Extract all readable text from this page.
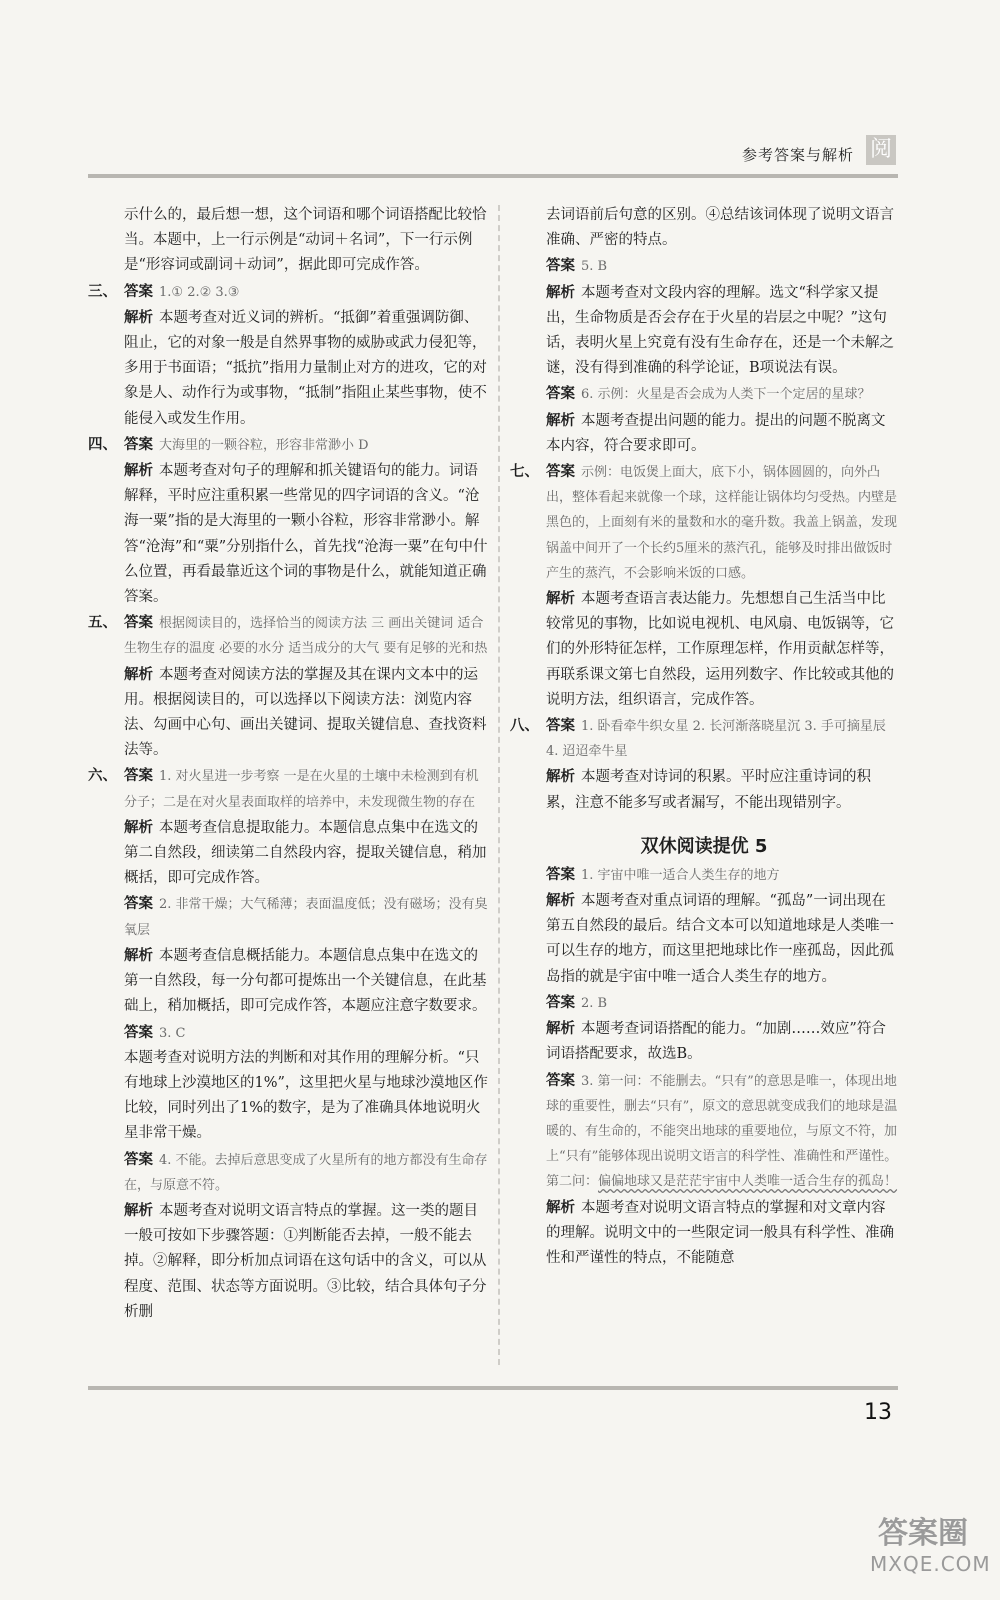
参考答案与解析 阅

示什么的，最后想一想，这个词语和哪个词语搭配比较恰当。本题中，上一行示例是“动词＋名词”，下一行示例是“形容词或副词＋动词”，据此即可完成作答。

三、 答案 1.① 2.② 3.③
解析 本题考查对近义词的辨析。“抵御”着重强调防御、阻止，它的对象一般是自然界事物的威胁或武力侵犯等，多用于书面语；“抵抗”指用力量制止对方的进攻，它的对象是人、动作行为或事物，“抵制”指阻止某些事物，使不能侵入或发生作用。
四、 答案 大海里的一颗谷粒，形容非常渺小 D
解析 本题考查对句子的理解和抓关键语句的能力。词语解释，平时应注重积累一些常见的四字词语的含义。“沧海一粟”指的是大海里的一颗小谷粒，形容非常渺小。解答“沧海”和“粟”分别指什么，首先找“沧海一粟”在句中什么位置，再看最靠近这个词的事物是什么，就能知道正确答案。
五、 答案 根据阅读目的，选择恰当的阅读方法 三 画出关键词 适合生物生存的温度 必要的水分 适当成分的大气 要有足够的光和热
解析 本题考查对阅读方法的掌握及其在课内文本中的运用。根据阅读目的，可以选择以下阅读方法：浏览内容法、勾画中心句、画出关键词、提取关键信息、查找资料法等。
六、 答案 1. 对火星进一步考察 一是在火星的土壤中未检测到有机分子；二是在对火星表面取样的培养中，未发现微生物的存在
解析 本题考查信息提取能力。本题信息点集中在选文的第二自然段，细读第二自然段内容，提取关键信息，稍加概括，即可完成作答。
答案 2. 非常干燥；大气稀薄；表面温度低；没有磁场；没有臭氧层
解析 本题考查信息概括能力。本题信息点集中在选文的第一自然段，每一分句都可提炼出一个关键信息，在此基础上，稍加概括，即可完成作答，本题应注意字数要求。
答案 3. C
本题考查对说明方法的判断和对其作用的理解分析。“只有地球上沙漠地区的1%”，这里把火星与地球沙漠地区作比较，同时列出了1%的数字，是为了准确具体地说明火星非常干燥。
答案 4. 不能。去掉后意思变成了火星所有的地方都没有生命存在，与原意不符。
解析 本题考查对说明文语言特点的掌握。这一类的题目一般可按如下步骤答题：①判断能否去掉，一般不能去掉。②解释，即分析加点词语在这句话中的含义，可以从程度、范围、状态等方面说明。③比较，结合具体句子分析删

去词语前后句意的区别。④总结该词体现了说明文语言准确、严密的特点。

答案 5. B
解析 本题考查对文段内容的理解。选文“科学家又提出，生命物质是否会存在于火星的岩层之中呢？”这句话，表明火星上究竟有没有生命存在，还是一个未解之谜，没有得到准确的科学论证，B项说法有误。
答案 6. 示例：火星是否会成为人类下一个定居的星球？
解析 本题考查提出问题的能力。提出的问题不脱离文本内容，符合要求即可。
七、 答案 示例：电饭煲上面大，底下小，锅体圆圆的，向外凸出，整体看起来就像一个球，这样能让锅体均匀受热。内壁是黑色的，上面刻有米的量数和水的毫升数。我盖上锅盖，发现锅盖中间开了一个长约5厘米的蒸汽孔，能够及时排出做饭时产生的蒸汽，不会影响米饭的口感。
解析 本题考查语言表达能力。先想想自己生活当中比较常见的事物，比如说电视机、电风扇、电饭锅等，它们的外形特征怎样，工作原理怎样，作用贡献怎样等，再联系课文第七自然段，运用列数字、作比较或其他的说明方法，组织语言，完成作答。
八、 答案 1. 卧看牵牛织女星 2. 长河渐落晓星沉 3. 手可摘星辰 4. 迢迢牵牛星
解析 本题考查对诗词的积累。平时应注重诗词的积累，注意不能多写或者漏写，不能出现错别字。
双休阅读提优 5
答案 1. 宇宙中唯一适合人类生存的地方
解析 本题考查对重点词语的理解。“孤岛”一词出现在第五自然段的最后。结合文本可以知道地球是人类唯一可以生存的地方，而这里把地球比作一座孤岛，因此孤岛指的就是宇宙中唯一适合人类生存的地方。
答案 2. B
解析 本题考查词语搭配的能力。“加剧……效应”符合词语搭配要求，故选B。
答案 3. 第一问：不能删去。“只有”的意思是唯一，体现出地球的重要性，删去“只有”，原文的意思就变成我们的地球是温暖的、有生命的，不能突出地球的重要地位，与原文不符，加上“只有”能够体现出说明文语言的科学性、准确性和严谨性。
第二问：偏偏地球又是茫茫宇宙中人类唯一适合生存的孤岛！
解析 本题考查对说明文语言特点的掌握和对文章内容的理解。说明文中的一些限定词一般具有科学性、准确性和严谨性的特点，不能随意
13
答案圈
MXQE.COM
